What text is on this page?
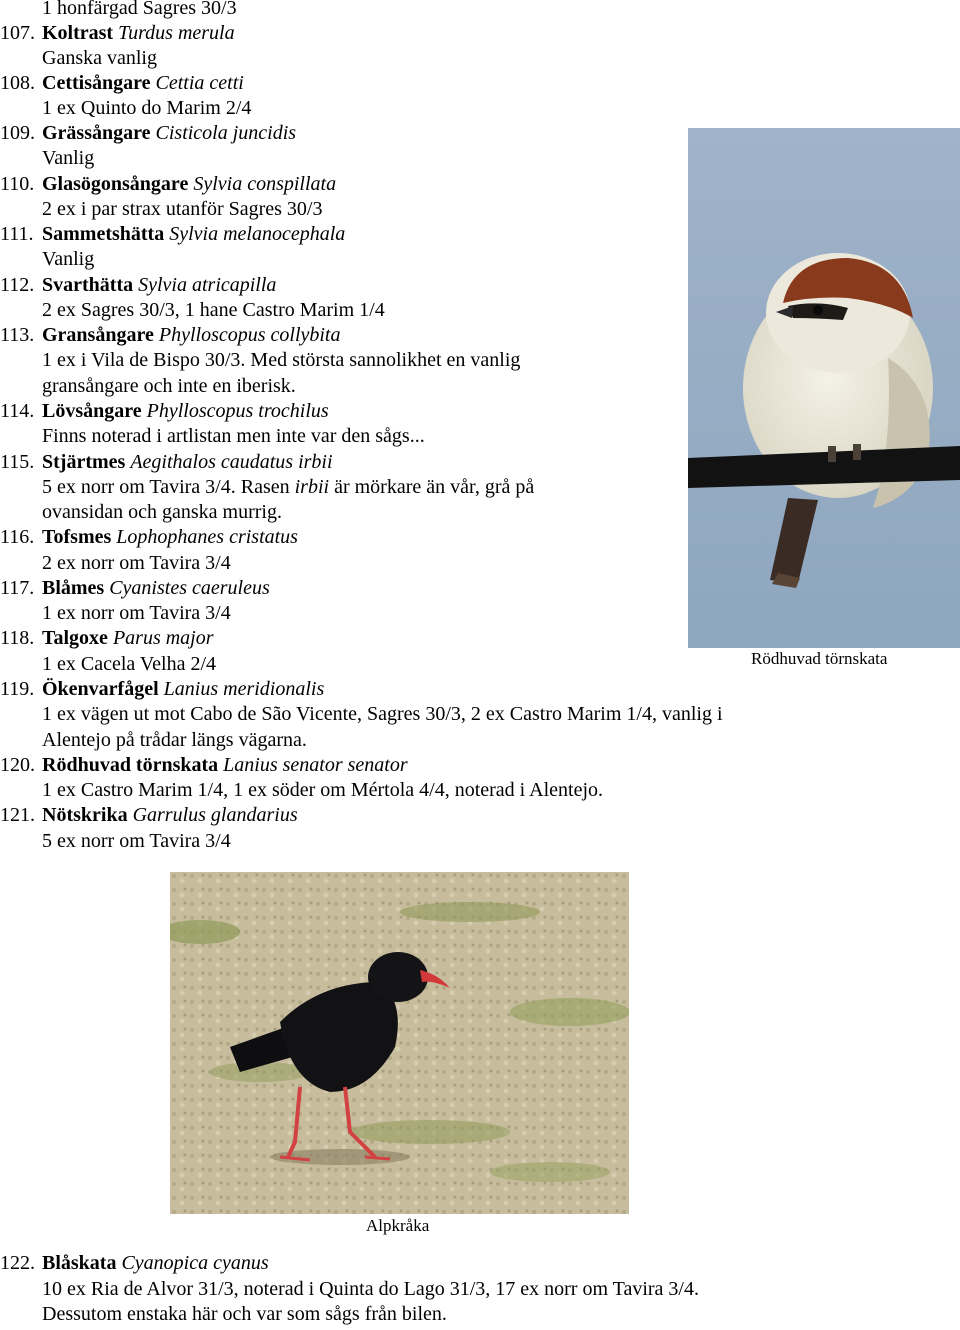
1 honfärgad Sagres 30/3
107. Koltrast Turdus merula
Ganska vanlig
108. Cettisångare Cettia cetti
1 ex Quinto do Marim 2/4
109. Grässångare Cisticola juncidis
Vanlig
110. Glasögonsångare Sylvia conspillata
2 ex i par strax utanför Sagres 30/3
111. Sammetshätta Sylvia melanocephala
Vanlig
112. Svarthätta Sylvia atricapilla
2 ex Sagres 30/3, 1 hane Castro Marim 1/4
113. Gransångare Phylloscopus collybita
1 ex i Vila de Bispo 30/3. Med största sannolikhet en vanlig
gransångare och inte en iberisk.
114. Lövsångare Phylloscopus trochilus
Finns noterad i artlistan men inte var den sågs...
115. Stjärtmes Aegithalos caudatus irbii
5 ex norr om Tavira 3/4. Rasen irbii är mörkare än vår, grå på
ovansidan och ganska murrig.
116. Tofsmes Lophophanes cristatus
2 ex norr om Tavira 3/4
117. Blåmes Cyanistes caeruleus
1 ex norr om Tavira 3/4
118. Talgoxe Parus major
1 ex Cacela Velha 2/4
119. Ökenvarfågel Lanius meridionalis
1 ex vägen ut mot Cabo de São Vicente, Sagres 30/3, 2 ex Castro Marim 1/4, vanlig i
Alentejo på trådar längs vägarna.
120. Rödhuvad törnskata Lanius senator senator
1 ex Castro Marim 1/4, 1 ex söder om Mértola 4/4, noterad i Alentejo.
121. Nötskrika Garrulus glandarius
5 ex norr om Tavira 3/4
122. Blåskata Cyanopica cyanus
10 ex Ria de Alvor 31/3, noterad i Quinta do Lago 31/3, 17 ex norr om Tavira 3/4.
Dessutom enstaka här och var som sågs från bilen.
Rödhuvad törnskata
Alpkråka
